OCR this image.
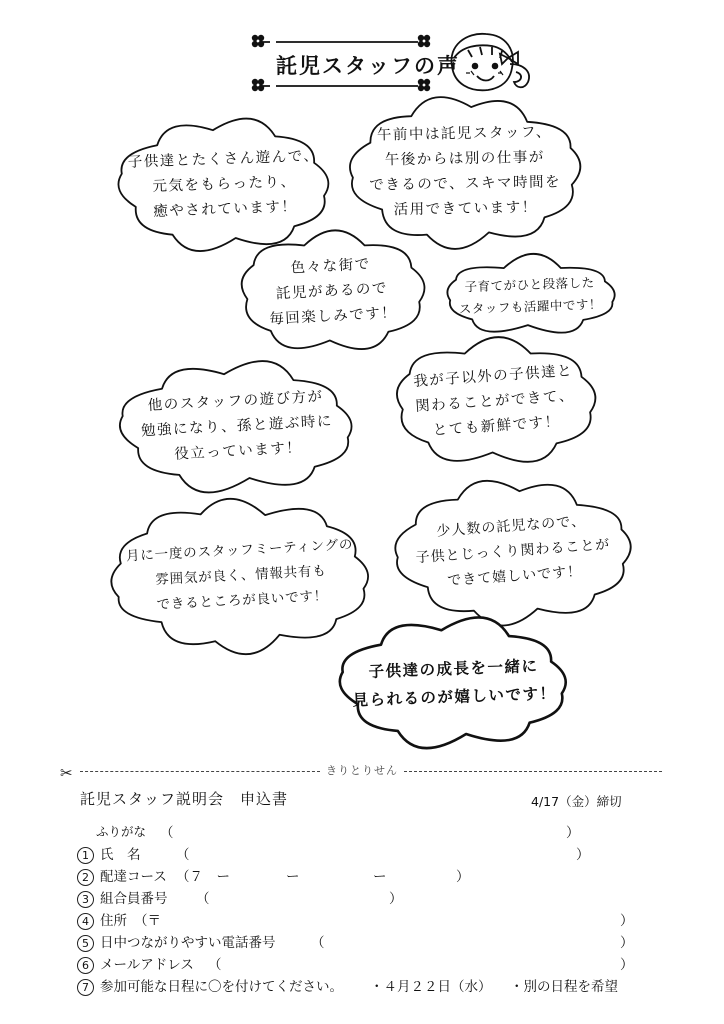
託児スタッフの声
子供達とたくさん遊んで、
元気をもらったり、
癒やされています！
午前中は託児スタッフ、
午後からは別の仕事が
できるので、スキマ時間を
活用できています！
色々な街で
託児があるので
毎回楽しみです！
子育てがひと段落した
スタッフも活躍中です！
他のスタッフの遊び方が
勉強になり、孫と遊ぶ時に
役立っています！
我が子以外の子供達と
関わることができて、
とても新鮮です！
月に一度のスタッフミーティングの
雰囲気が良く、情報共有も
できるところが良いです！
少人数の託児なので、
子供とじっくり関わることが
できて嬉しいです！
子供達の成長を一緒に
見られるのが嬉しいです！
✂	きりとりせん
託児スタッフ説明会　申込書	4/17（金）締切
ふりがな （	）
1 氏　名	（	）
2 配達コース （７　ー	ー	ー	）
3 組合員番号 （	）
4 住所 （〒	）
5 日中つながりやすい電話番号	（	）
6 メールアドレス （	）
7 参加可能な日程に〇を付けてください。 ・４月２２日（水） ・別の日程を希望
